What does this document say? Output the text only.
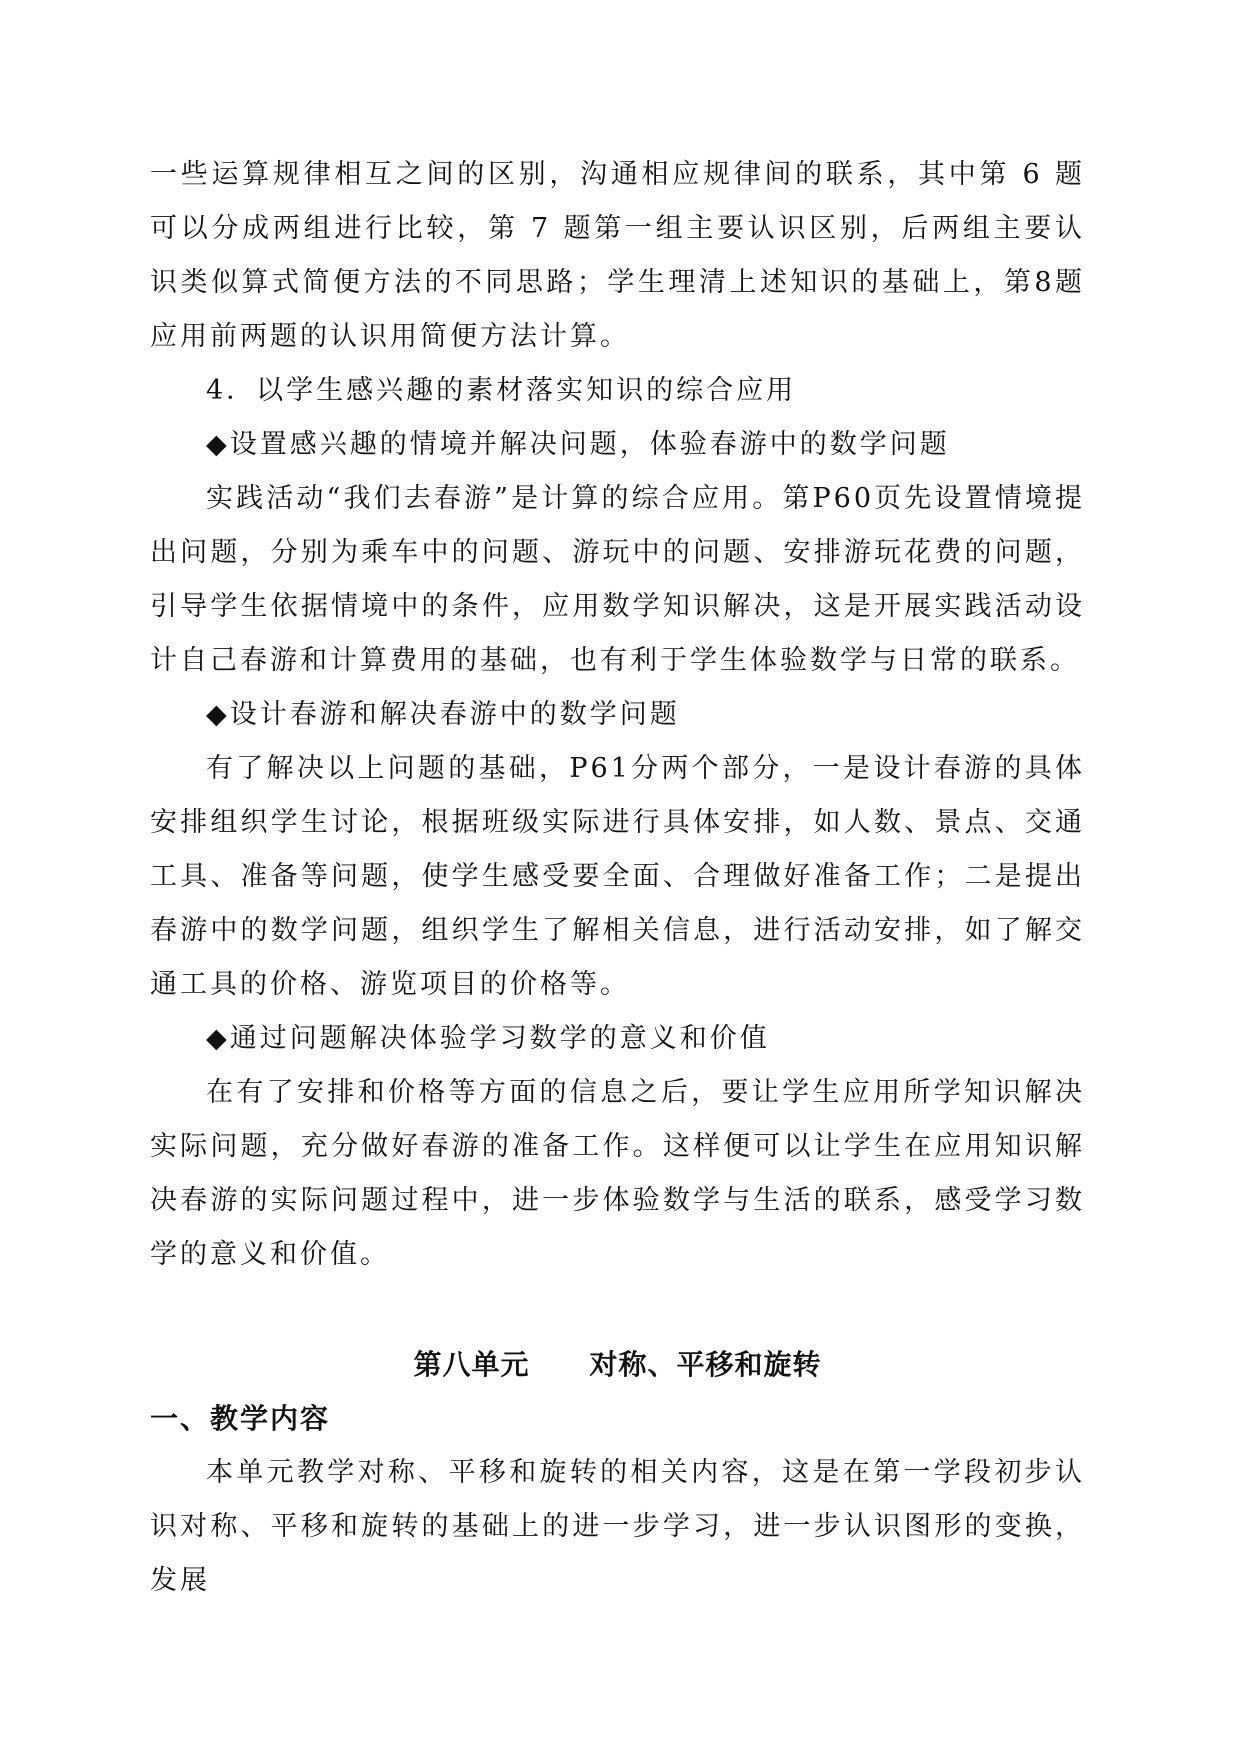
一些运算规律相互之间的区别，沟通相应规律间的联系，其中第 6 题可以分成两组进行比较，第 7 题第一组主要认识区别，后两组主要认识类似算式简便方法的不同思路；学生理清上述知识的基础上，第8题应用前两题的认识用简便方法计算。

4．以学生感兴趣的素材落实知识的综合应用

◆设置感兴趣的情境并解决问题，体验春游中的数学问题

实践活动“我们去春游”是计算的综合应用。第P60页先设置情境提出问题，分别为乘车中的问题、游玩中的问题、安排游玩花费的问题，引导学生依据情境中的条件，应用数学知识解决，这是开展实践活动设计自己春游和计算费用的基础，也有利于学生体验数学与日常的联系。

◆设计春游和解决春游中的数学问题

有了解决以上问题的基础，P61分两个部分，一是设计春游的具体安排组织学生讨论，根据班级实际进行具体安排，如人数、景点、交通工具、准备等问题，使学生感受要全面、合理做好准备工作；二是提出春游中的数学问题，组织学生了解相关信息，进行活动安排，如了解交通工具的价格、游览项目的价格等。

◆通过问题解决体验学习数学的意义和价值

在有了安排和价格等方面的信息之后，要让学生应用所学知识解决实际问题，充分做好春游的准备工作。这样便可以让学生在应用知识解决春游的实际问题过程中，进一步体验数学与生活的联系，感受学习数学的意义和价值。

第八单元 对称、平移和旋转

一、教学内容

本单元教学对称、平移和旋转的相关内容，这是在第一学段初步认识对称、平移和旋转的基础上的进一步学习，进一步认识图形的变换，发展
